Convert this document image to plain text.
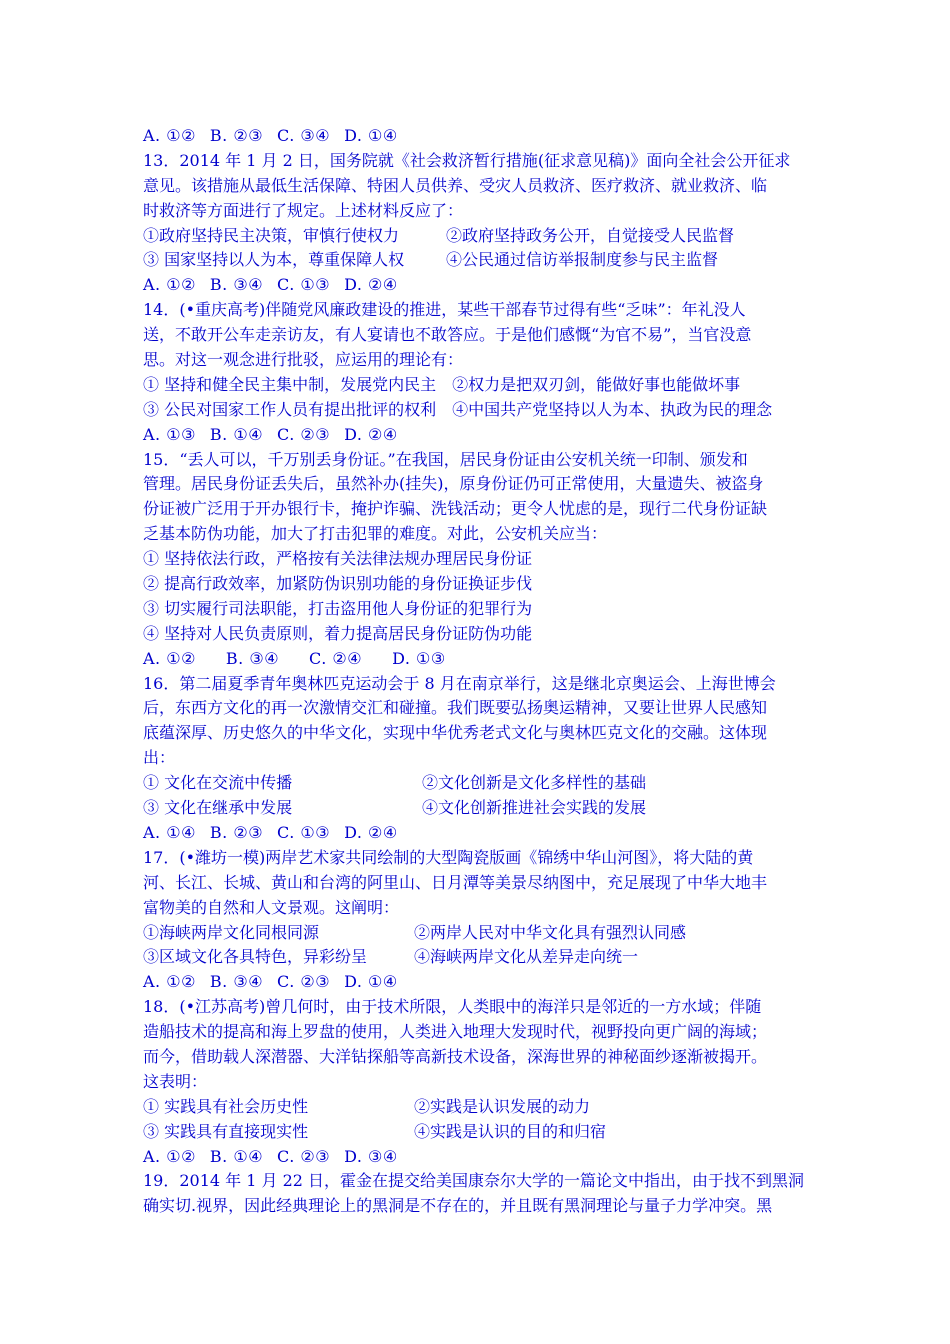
A. ①② B. ②③ C. ③④ D. ①④
13．2014 年 1 月 2 日，国务院就《社会救济暂行措施(征求意见稿)》面向全社会公开征求
意见。该措施从最低生活保障、特困人员供养、受灾人员救济、医疗救济、就业救济、临
时救济等方面进行了规定。上述材料反应了：
①政府坚持民主决策，审慎行使权力	②政府坚持政务公开，自觉接受人民监督
③ 国家坚持以人为本，尊重保障人权	④公民通过信访举报制度参与民主监督
A. ①② B. ③④ C. ①③ D. ②④
14．(•重庆高考)伴随党风廉政建设的推进，某些干部春节过得有些“乏味”：年礼没人
送，不敢开公车走亲访友，有人宴请也不敢答应。于是他们感慨“为官不易”，当官没意
思。对这一观念进行批驳，应运用的理论有：
① 坚持和健全民主集中制，发展党内民主　②权力是把双刃剑，能做好事也能做坏事
③ 公民对国家工作人员有提出批评的权利　④中国共产党坚持以人为本、执政为民的理念
A. ①③ B. ①④ C. ②③ D. ②④
15．“丢人可以，千万别丢身份证。”在我国，居民身份证由公安机关统一印制、颁发和
管理。居民身份证丢失后，虽然补办(挂失)，原身份证仍可正常使用，大量遗失、被盗身
份证被广泛用于开办银行卡，掩护诈骗、洗钱活动；更令人忧虑的是，现行二代身份证缺
乏基本防伪功能，加大了打击犯罪的难度。对此，公安机关应当：
① 坚持依法行政，严格按有关法律法规办理居民身份证
② 提高行政效率，加紧防伪识别功能的身份证换证步伐
③ 切实履行司法职能，打击盗用他人身份证的犯罪行为
④ 坚持对人民负责原则，着力提高居民身份证防伪功能
A. ①② B. ③④ C. ②④ D. ①③
16．第二届夏季青年奥林匹克运动会于 8 月在南京举行，这是继北京奥运会、上海世博会
后，东西方文化的再一次激情交汇和碰撞。我们既要弘扬奥运精神，又要让世界人民感知
底蕴深厚、历史悠久的中华文化，实现中华优秀老式文化与奥林匹克文化的交融。这体现
出：
① 文化在交流中传播	②文化创新是文化多样性的基础
③ 文化在继承中发展	④文化创新推进社会实践的发展
A. ①④ B. ②③ C. ①③ D. ②④
17．(•潍坊一模)两岸艺术家共同绘制的大型陶瓷版画《锦绣中华山河图》，将大陆的黄
河、长江、长城、黄山和台湾的阿里山、日月潭等美景尽纳图中，充足展现了中华大地丰
富物美的自然和人文景观。这阐明：
①海峡两岸文化同根同源	②两岸人民对中华文化具有强烈认同感
③区域文化各具特色，异彩纷呈	④海峡两岸文化从差异走向统一
A. ①② B. ③④ C. ②③ D. ①④
18．(•江苏高考)曾几何时，由于技术所限，人类眼中的海洋只是邻近的一方水域；伴随
造船技术的提高和海上罗盘的使用，人类进入地理大发现时代，视野投向更广阔的海域；
而今，借助载人深潜器、大洋钻探船等高新技术设备，深海世界的神秘面纱逐渐被揭开。
这表明：
① 实践具有社会历史性	②实践是认识发展的动力
③ 实践具有直接现实性	④实践是认识的目的和归宿
A. ①② B. ①④ C. ②③ D. ③④
19．2014 年 1 月 22 日，霍金在提交给美国康奈尔大学的一篇论文中指出，由于找不到黑洞
确实切.视界，因此经典理论上的黑洞是不存在的，并且既有黑洞理论与量子力学冲突。黑
